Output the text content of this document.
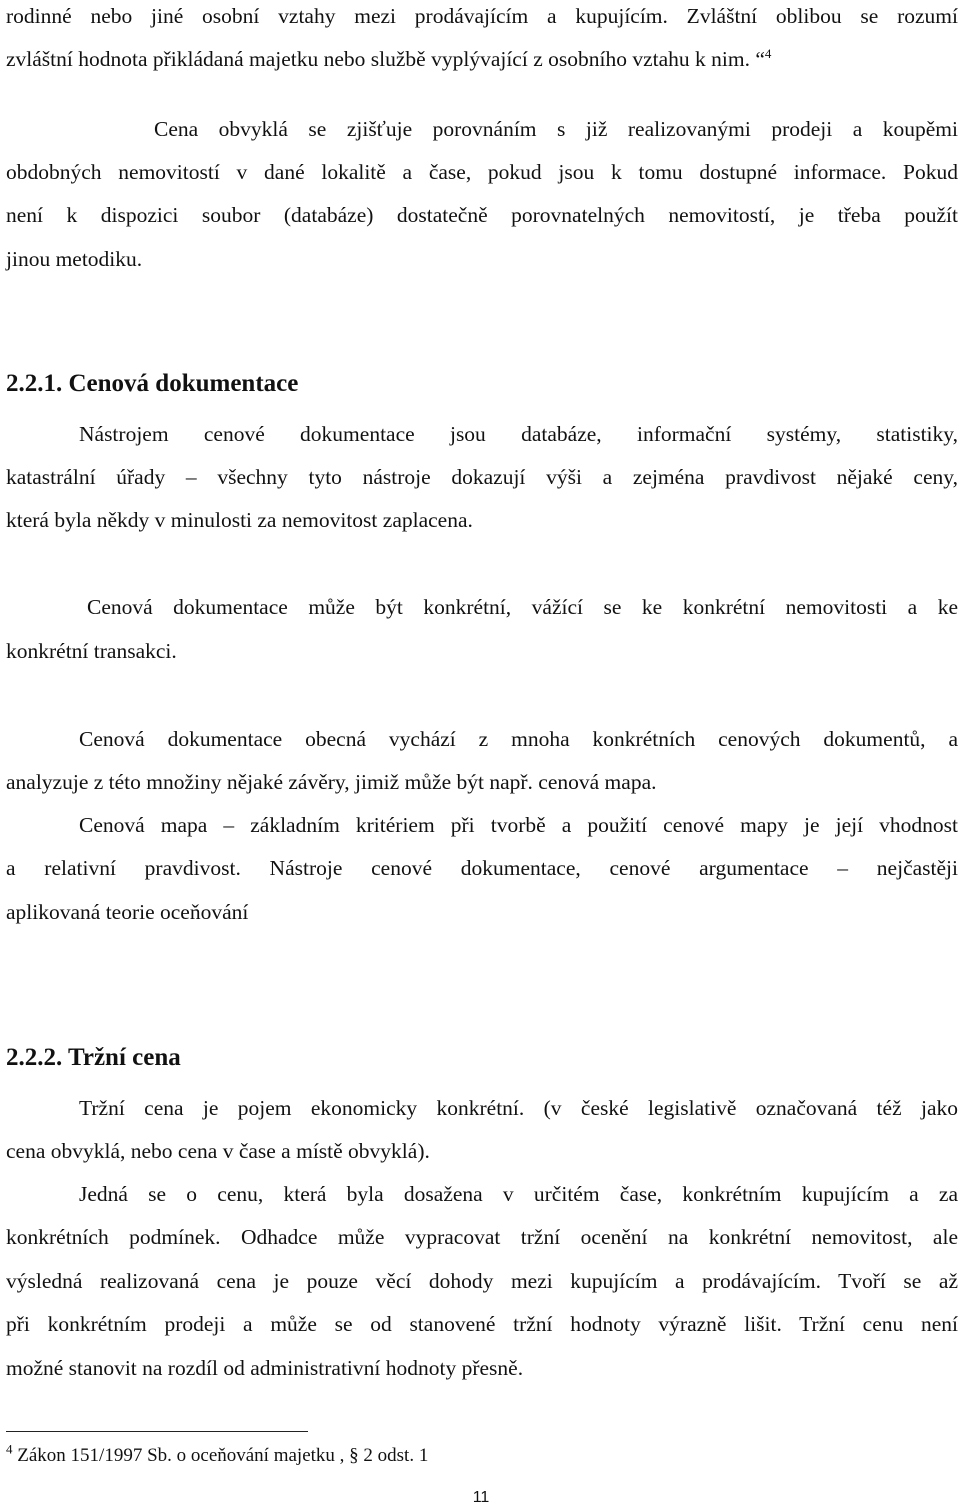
rodinné nebo jiné osobní vztahy mezi prodávajícím a kupujícím. Zvláštní oblibou se rozumí
zvláštní hodnota přikládaná majetku nebo službě vyplývající z osobního vztahu k nim. “$^4$
Cena obvyklá se zjišťuje porovnáním s již realizovanými prodeji a koupěmi
obdobných nemovitostí v dané lokalitě a čase, pokud jsou k tomu dostupné informace. Pokud
není k dispozici soubor (databáze) dostatečně porovnatelných nemovitostí, je třeba použít
jinou metodiku.
2.2.1. Cenová dokumentace
Nástrojem cenové dokumentace jsou databáze, informační systémy, statistiky,
katastrální úřady – všechny tyto nástroje dokazují výši a zejména pravdivost nějaké ceny,
která byla někdy v minulosti za nemovitost zaplacena.
Cenová dokumentace může být konkrétní, vážící se ke konkrétní nemovitosti a ke
konkrétní transakci.
Cenová dokumentace obecná vychází z mnoha konkrétních cenových dokumentů, a
analyzuje z této množiny nějaké závěry, jimiž může být např. cenová mapa.
Cenová mapa – základním kritériem při tvorbě a použití cenové mapy je její vhodnost
a relativní pravdivost. Nástroje cenové dokumentace, cenové argumentace – nejčastěji
aplikovaná teorie oceňování
2.2.2. Tržní cena
Tržní cena je pojem ekonomicky konkrétní. (v české legislativě označovaná též jako
cena obvyklá, nebo cena v čase a místě obvyklá).
Jedná se o cenu, která byla dosažena v určitém čase, konkrétním kupujícím a za
konkrétních podmínek. Odhadce může vypracovat tržní ocenění na konkrétní nemovitost, ale
výsledná realizovaná cena je pouze věcí dohody mezi kupujícím a prodávajícím. Tvoří se až
při konkrétním prodeji a může se od stanovené tržní hodnoty výrazně lišit. Tržní cenu není
možné stanovit na rozdíl od administrativní hodnoty přesně.
$^4$ Zákon 151/1997 Sb. o oceňování majetku , § 2 odst. 1
11
